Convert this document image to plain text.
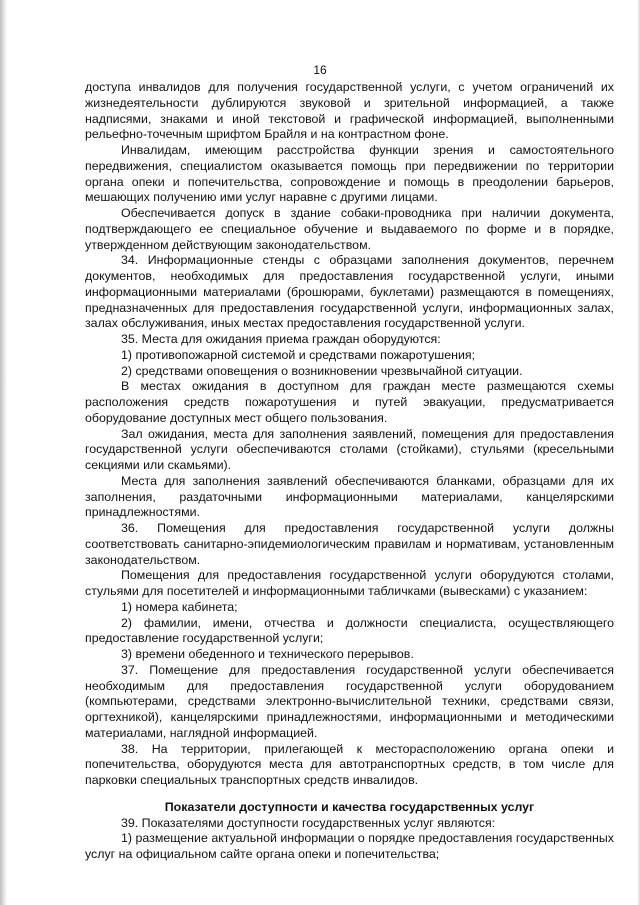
16

доступа инвалидов для получения государственной услуги, с учетом ограничений их жизнедеятельности дублируются звуковой и зрительной информацией, а также надписями, знаками и иной текстовой и графической информацией, выполненными рельефно-точечным шрифтом Брайля и на контрастном фоне.

Инвалидам, имеющим расстройства функции зрения и самостоятельного передвижения, специалистом оказывается помощь при передвижении по территории органа опеки и попечительства, сопровождение и помощь в преодолении барьеров, мешающих получению ими услуг наравне с другими лицами.

Обеспечивается допуск в здание собаки-проводника при наличии документа, подтверждающего ее специальное обучение и выдаваемого по форме и в порядке, утвержденном действующим законодательством.

34. Информационные стенды с образцами заполнения документов, перечнем документов, необходимых для предоставления государственной услуги, иными информационными материалами (брошюрами, буклетами) размещаются в помещениях, предназначенных для предоставления государственной услуги, информационных залах, залах обслуживания, иных местах предоставления государственной услуги.

35. Места для ожидания приема граждан оборудуются:

1) противопожарной системой и средствами пожаротушения;

2) средствами оповещения о возникновении чрезвычайной ситуации.

В местах ожидания в доступном для граждан месте размещаются схемы расположения средств пожаротушения и путей эвакуации, предусматривается оборудование доступных мест общего пользования.

Зал ожидания, места для заполнения заявлений, помещения для предоставления государственной услуги обеспечиваются столами (стойками), стульями (кресельными секциями или скамьями).

Места для заполнения заявлений обеспечиваются бланками, образцами для их заполнения, раздаточными информационными материалами, канцелярскими принадлежностями.

36. Помещения для предоставления государственной услуги должны соответствовать санитарно-эпидемиологическим правилам и нормативам, установленным законодательством.

Помещения для предоставления государственной услуги оборудуются столами, стульями для посетителей и информационными табличками (вывесками) с указанием:

1) номера кабинета;

2) фамилии, имени, отчества и должности специалиста, осуществляющего предоставление государственной услуги;

3) времени обеденного и технического перерывов.

37. Помещение для предоставления государственной услуги обеспечивается необходимым для предоставления государственной услуги оборудованием (компьютерами, средствами электронно-вычислительной техники, средствами связи, оргтехникой), канцелярскими принадлежностями, информационными и методическими материалами, наглядной информацией.

38. На территории, прилегающей к месторасположению органа опеки и попечительства, оборудуются места для автотранспортных средств, в том числе для парковки специальных транспортных средств инвалидов.

Показатели доступности и качества государственных услуг

39. Показателями доступности государственных услуг являются:

1) размещение актуальной информации о порядке предоставления государственных услуг на официальном сайте органа опеки и попечительства;
